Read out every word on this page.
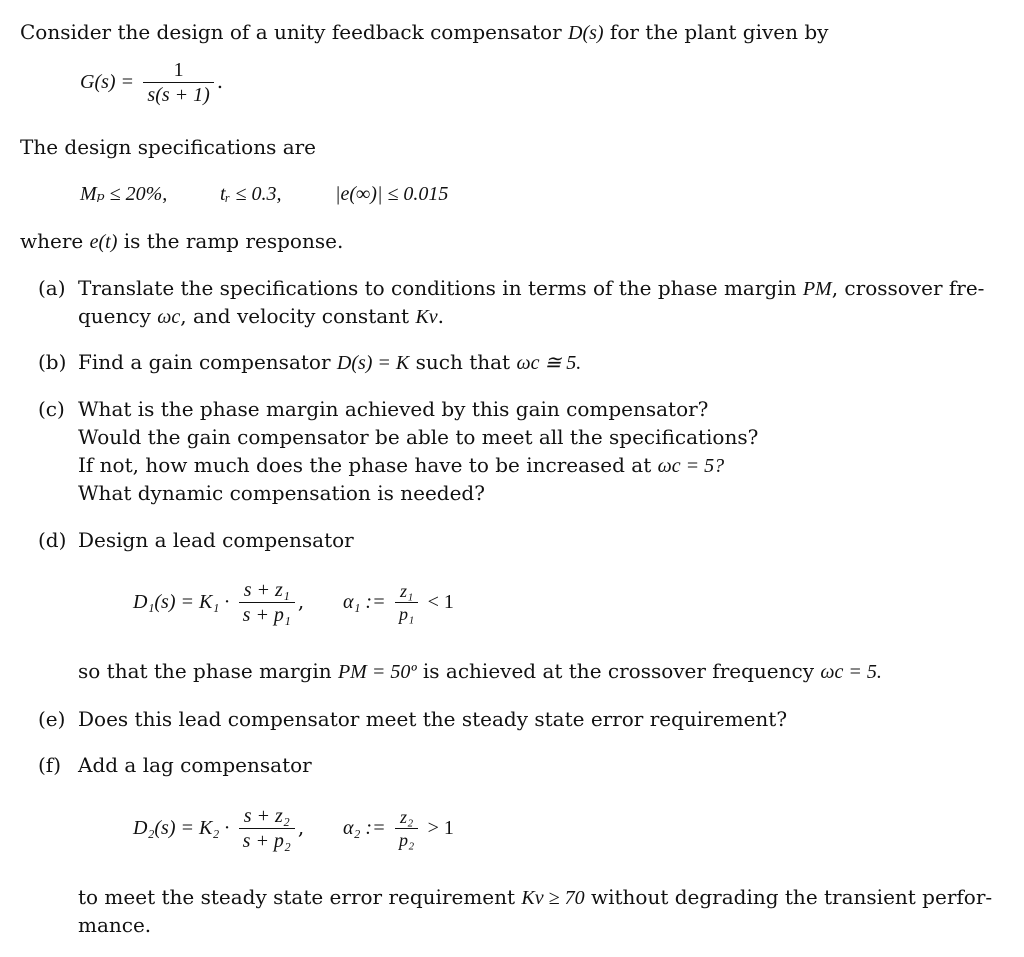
Consider the design of a unity feedback compensator D(s) for the plant given by
$G(s) = \frac{1}{s(s + 1)}$ .
The design specifications are
Mₚ ≤ 20%,	tᵣ ≤ 0.3,	|e(∞)| ≤ 0.015
where e(t) is the ramp response.
(a) Translate the specifications to conditions in terms of the phase margin PM, crossover fre-
quency ωc, and velocity constant Kv.
(b) Find a gain compensator D(s) = K such that ωc ≅ 5.
(c) What is the phase margin achieved by this gain compensator?
Would the gain compensator be able to meet all the specifications?
If not, how much does the phase have to be increased at ωc = 5?
What dynamic compensation is needed?
(d) Design a lead compensator
$D_1(s) = K_1 \cdot \frac{\text{s + z₁}}{\text{s + p₁}}$ , α₁ := $\frac{\text{z₁}}{\text{p₁}} < 1$
so that the phase margin PM = 50º is achieved at the crossover frequency ωc = 5.
(e) Does this lead compensator meet the steady state error requirement?
(f) Add a lag compensator
$D_2(s) = K_2 \cdot \frac{\text{s + z₂}}{\text{s + p₂}}$ , α₂ := $\frac{\text{z₂}}{\text{p₂}} > 1$
to meet the steady state error requirement Kv ≥ 70 without degrading the transient perfor-
mance.
